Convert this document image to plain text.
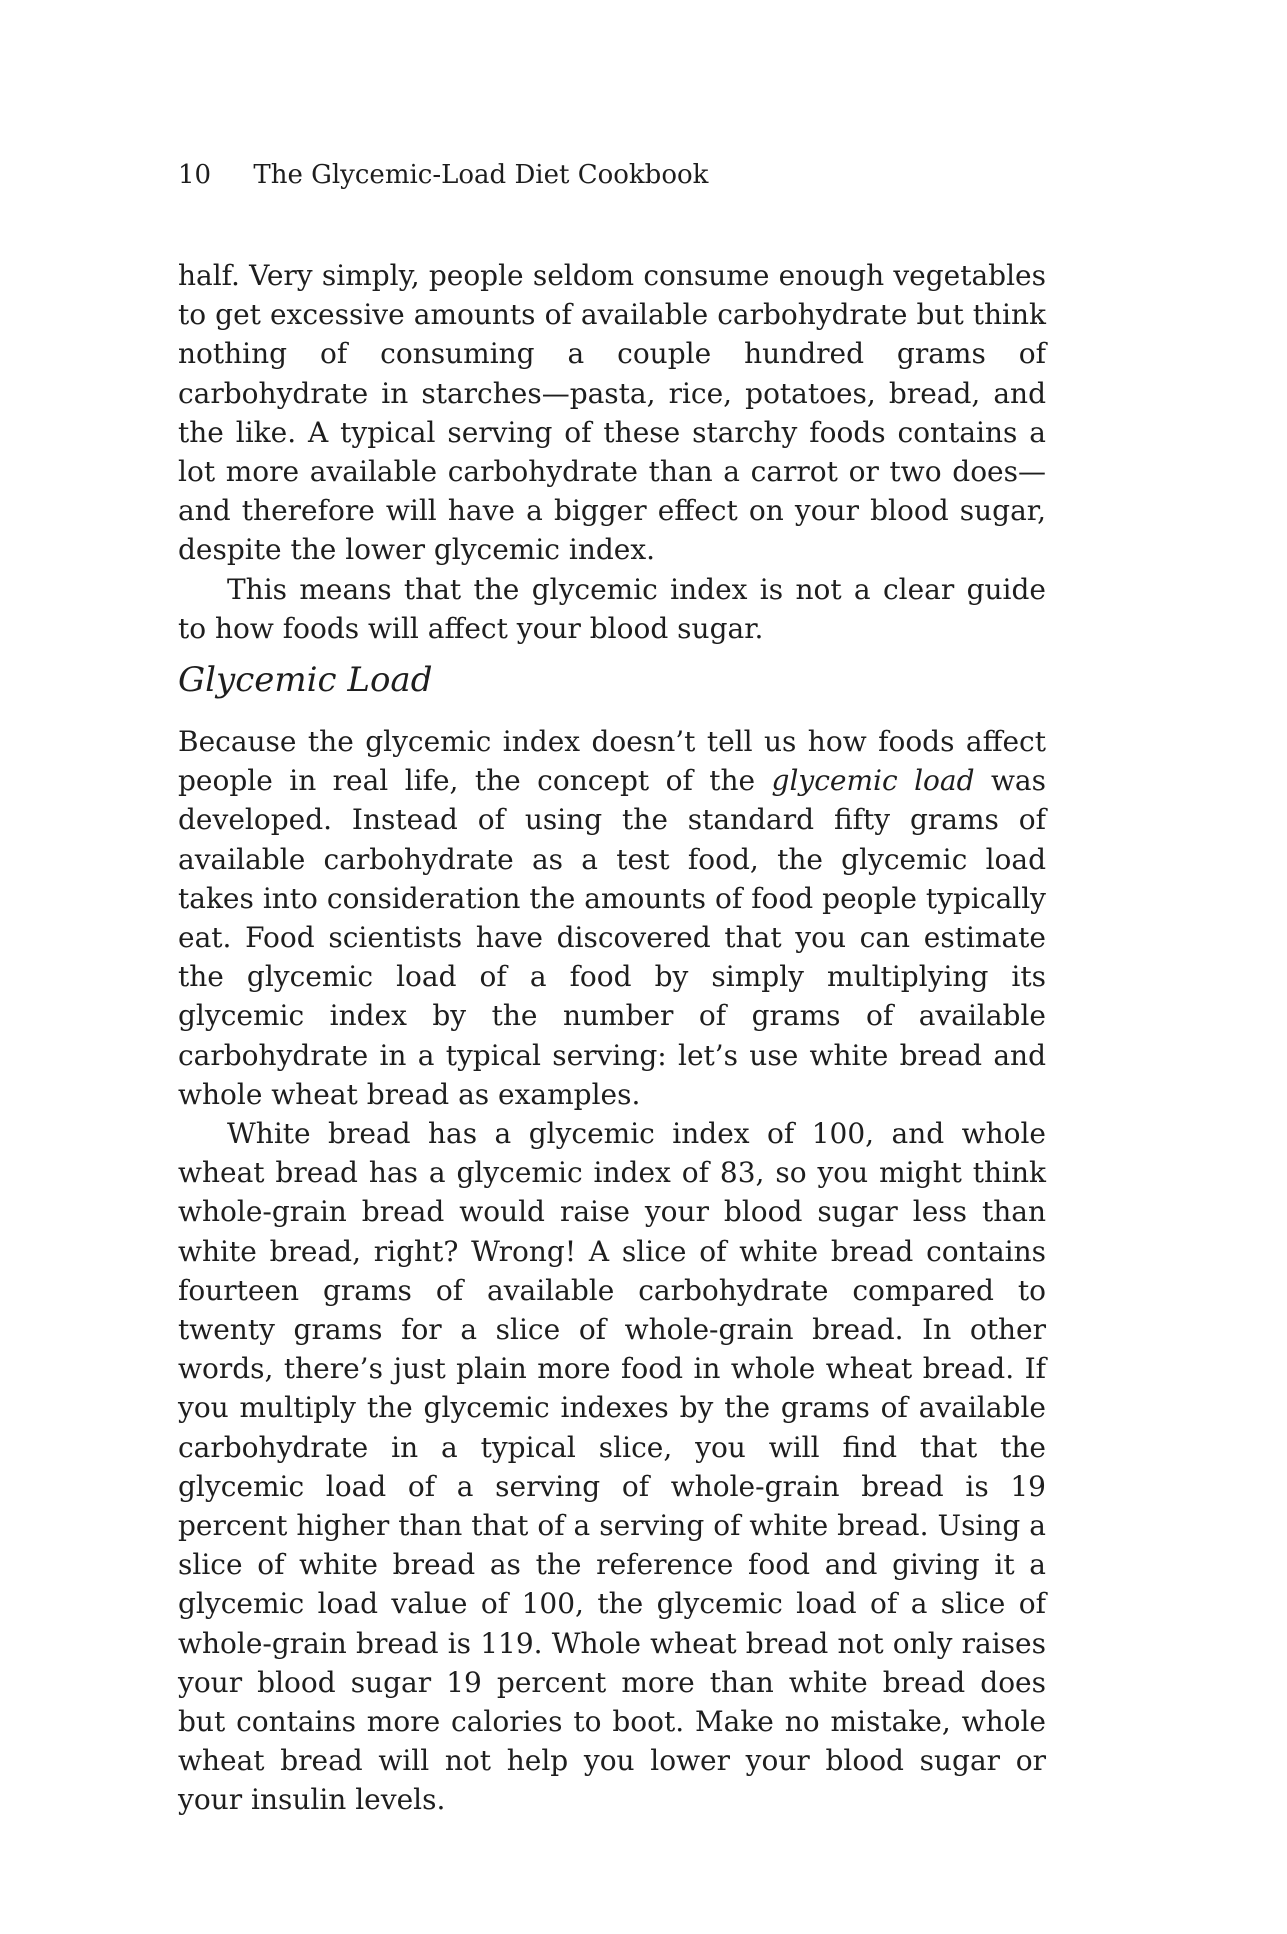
10 The Glycemic-Load Diet Cookbook

half. Very simply, people seldom consume enough vegetables to get excessive amounts of available carbohydrate but think nothing of consuming a couple hundred grams of carbohydrate in starches—pasta, rice, potatoes, bread, and the like. A typical serving of these starchy foods contains a lot more available carbohydrate than a carrot or two does—and therefore will have a bigger effect on your blood sugar, despite the lower glycemic index.

This means that the glycemic index is not a clear guide to how foods will affect your blood sugar.

Glycemic Load

Because the glycemic index doesn’t tell us how foods affect people in real life, the concept of the glycemic load was developed. Instead of using the standard fifty grams of available carbohydrate as a test food, the glycemic load takes into consideration the amounts of food people typically eat. Food scientists have discovered that you can estimate the glycemic load of a food by simply multiplying its glycemic index by the number of grams of available carbohydrate in a typical serving: let’s use white bread and whole wheat bread as examples.

White bread has a glycemic index of 100, and whole wheat bread has a glycemic index of 83, so you might think whole-grain bread would raise your blood sugar less than white bread, right? Wrong! A slice of white bread contains fourteen grams of available carbohydrate compared to twenty grams for a slice of whole-grain bread. In other words, there’s just plain more food in whole wheat bread. If you multiply the glycemic indexes by the grams of available carbohydrate in a typical slice, you will find that the glycemic load of a serving of whole-grain bread is 19 percent higher than that of a serving of white bread. Using a slice of white bread as the reference food and giving it a glycemic load value of 100, the glycemic load of a slice of whole-grain bread is 119. Whole wheat bread not only raises your blood sugar 19 percent more than white bread does but contains more calories to boot. Make no mistake, whole wheat bread will not help you lower your blood sugar or your insulin levels.
